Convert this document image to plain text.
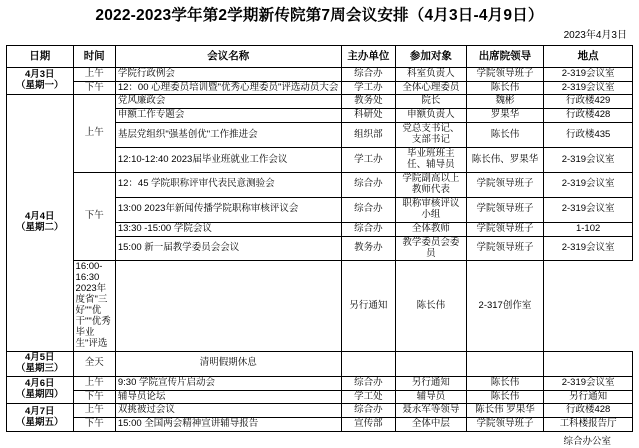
2022-2023学年第2学期新传院第7周会议安排（4月3日-4月9日）
2023年4月3日
日期	时间	会议名称	主办单位	参加对象	出席院领导	地点
4月3日
（星期一）	上午	学院行政例会	综合办	科室负责人	学院领导班子	2-319会议室
	下午	12：00 心理委员培训暨"优秀心理委员"评选动员大会	学工办	全体心理委员	陈长伟	2-319会议室
4月4日
（星期二）	上午	党风廉政会	教务处	院长	魏彬	行政楼429
		申额工作专题会	科研处	申额负责人	罗果华	行政楼428
		基层党组织"强基创优"工作推进会	组织部	党总支书记、支部书记	陈长伟	行政楼435
		12:10-12:40 2023届毕业班就业工作会议	学工办	毕业班班主任、辅导员	陈长伟、罗果华	2-319会议室
	下午	12：45 学院职称评审代表民意测验会	综合办	学院副高以上教师代表	学院领导班子	2-319会议室
		13:00 2023年新闻传播学院职称审核评议会	综合办	职称审核评议小组	学院领导班子	2-319会议室
		13:30 -15:00 学院会议	综合办	全体教师	学院领导班子	1-102
		15:00 新一届教学委员会会议	教务办	教学委员会委员	学院领导班子	2-319会议室
	16:00-16:30 2023年度省"三好""优干""优秀毕业生"评选		另行通知	陈长伟	2-317创作室	
4月5日
（星期三）	全天	清明假期休息				
4月6日
（星期四）	上午	9:30 学院宣传片启动会	综合办	另行通知	陈长伟	2-319会议室
	下午	辅导员论坛	学工处	辅导员	陈长伟	另行通知
4月7日
（星期五）	上午	双挑被过会议	综合办	聂永军等领导	陈长伟 罗果华	行政楼428
	下午	15:00 全国两会精神宣讲辅导报告	宣传部	全体中层	学院领导班子	工科楼报告厅
综合办公室
